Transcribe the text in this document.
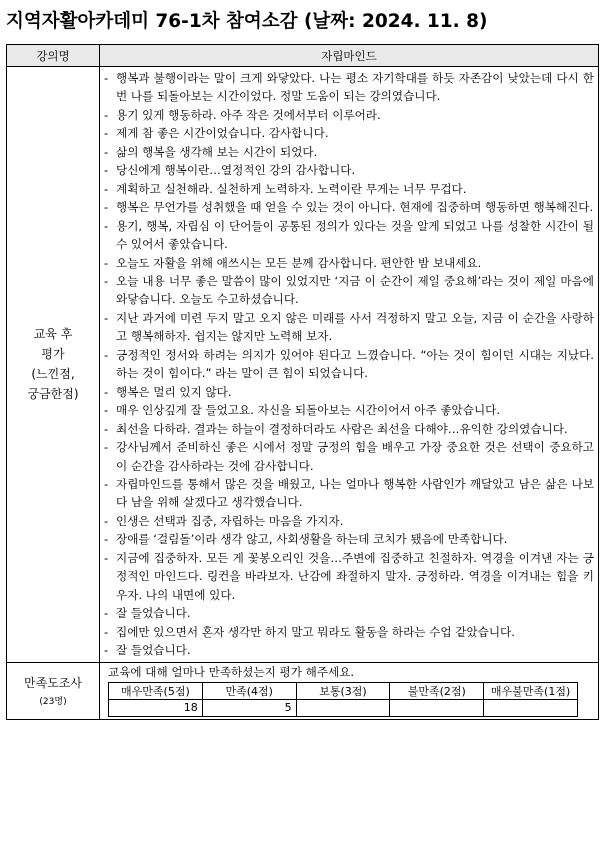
지역자활아카데미 76-1차 참여소감 (날짜: 2024. 11. 8)
강의명	자립마인드

교육 후
평가
(느낀점,
궁금한점)

- 행복과 불행이라는 말이 크게 와닿았다. 나는 평소 자기학대를 하듯 자존감이 낮았는데 다시 한번 나를 되돌아보는 시간이었다. 정말 도움이 되는 강의였습니다.
- 용기 있게 행동하라. 아주 작은 것에서부터 이루어라.
- 제게 참 좋은 시간이었습니다. 감사합니다.
- 삶의 행복을 생각해 보는 시간이 되었다.
- 당신에게 행복이란…열정적인 강의 감사합니다.
- 계획하고 실천해라. 실천하게 노력하자. 노력이란 무게는 너무 무겁다.
- 행복은 무언가를 성취했을 때 얻을 수 있는 것이 아니다. 현재에 집중하며 행동하면 행복해진다.
- 용기, 행복, 자립심 이 단어들이 공통된 정의가 있다는 것을 알게 되었고 나를 성찰한 시간이 될 수 있어서 좋았습니다.
- 오늘도 자활을 위해 애쓰시는 모든 분께 감사합니다. 편안한 밤 보내세요.
- 오늘 내용 너무 좋은 말씀이 많이 있었지만 ‘지금 이 순간이 제일 중요해’라는 것이 제일 마음에 와닿습니다. 오늘도 수고하셨습니다.
- 지난 과거에 미련 두지 말고 오지 않은 미래를 사서 걱정하지 말고 오늘, 지금 이 순간을 사랑하고 행복해하자. 쉽지는 않지만 노력해 보자.
- 긍정적인 정서와 하려는 의지가 있어야 된다고 느꼈습니다. “아는 것이 힘이던 시대는 지났다. 하는 것이 힘이다.” 라는 말이 큰 힘이 되었습니다.
- 행복은 멀리 있지 않다.
- 매우 인상깊게 잘 들었고요. 자신을 되돌아보는 시간이어서 아주 좋았습니다.
- 최선을 다하라. 결과는 하늘이 결정하더라도 사람은 최선을 다해야…유익한 강의였습니다.
- 강사님께서 준비하신 좋은 시에서 정말 긍정의 힘을 배우고 가장 중요한 것은 선택이 중요하고 이 순간을 감사하라는 것에 감사합니다.
- 자립마인드를 통해서 많은 것을 배웠고, 나는 얼마나 행복한 사람인가 깨달았고 남은 삶은 나보다 남을 위해 살겠다고 생각했습니다.
- 인생은 선택과 집중, 자립하는 마음을 가지자.
- 장애를 ‘걸림돌’이라 생각 않고, 사회생활을 하는데 코치가 됐음에 만족합니다.
- 지금에 집중하자. 모든 게 꽃봉오리인 것을…주변에 집중하고 친절하자. 역경을 이겨낸 자는 긍정적인 마인드다. 링컨을 바라보자. 난감에 좌절하지 말자. 긍정하라. 역경을 이겨내는 힘을 키우자. 나의 내면에 있다.
- 잘 들었습니다.
- 집에만 있으면서 혼자 생각만 하지 말고 뭐라도 활동을 하라는 수업 같았습니다.
- 잘 들었습니다.

만족도조사
(23명)

교육에 대해 얼마나 만족하셨는지 평가 해주세요.
매우만족(5점)	만족(4점)	보통(3점)	불만족(2점)	매우불만족(1점)
18	5			
